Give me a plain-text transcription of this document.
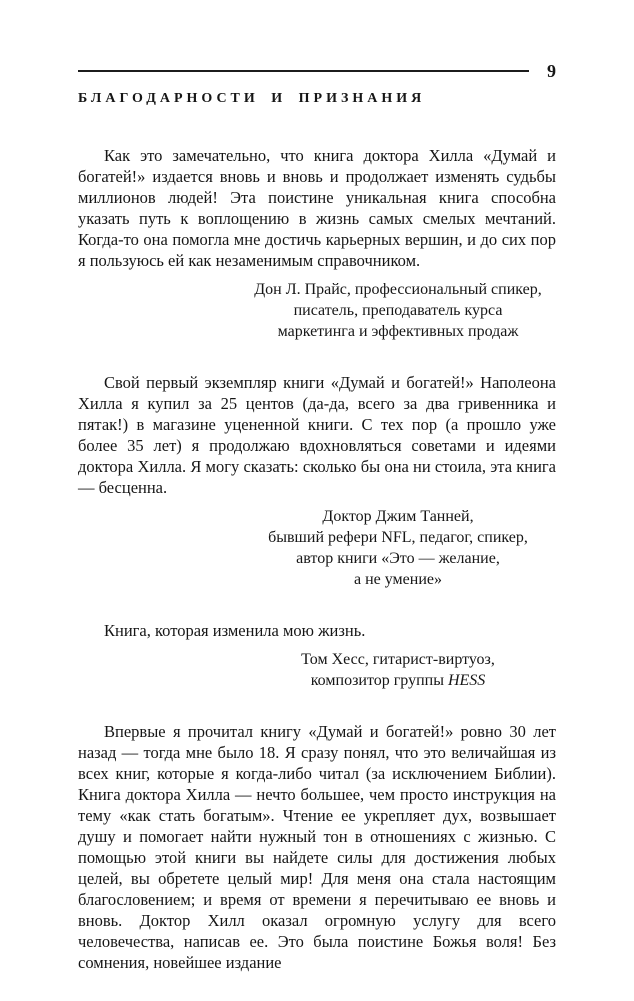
9
БЛАГОДАРНОСТИ И ПРИЗНАНИЯ

Как это замечательно, что книга доктора Хилла «Думай и богатей!» издается вновь и вновь и продолжает изменять судьбы миллионов людей! Эта поистине уникальная книга способна указать путь к воплощению в жизнь самых смелых мечтаний. Когда-то она помогла мне достичь карьерных вершин, и до сих пор я пользуюсь ей как незаменимым справочником.

Дон Л. Прайс, профессиональный спикер,
писатель, преподаватель курса
маркетинга и эффективных продаж

Свой первый экземпляр книги «Думай и богатей!» Наполеона Хилла я купил за 25 центов (да-да, всего за два гривенника и пятак!) в магазине уцененной книги. С тех пор (а прошло уже более 35 лет) я продолжаю вдохновляться советами и идеями доктора Хилла. Я могу сказать: сколько бы она ни стоила, эта книга — бесценна.

Доктор Джим Танней,
бывший рефери NFL, педагог, спикер,
автор книги «Это — желание,
а не умение»

Книга, которая изменила мою жизнь.

Том Хесс, гитарист-виртуоз,
композитор группы HESS

Впервые я прочитал книгу «Думай и богатей!» ровно 30 лет назад — тогда мне было 18. Я сразу понял, что это величайшая из всех книг, которые я когда-либо читал (за исключением Библии). Книга доктора Хилла — нечто большее, чем просто инструкция на тему «как стать богатым». Чтение ее укрепляет дух, возвышает душу и помогает найти нужный тон в отношениях с жизнью. С помощью этой книги вы найдете силы для достижения любых целей, вы обретете целый мир! Для меня она стала настоящим благословением; и время от времени я перечитываю ее вновь и вновь. Доктор Хилл оказал огромную услугу для всего человечества, написав ее. Это была поистине Божья воля! Без сомнения, новейшее издание
